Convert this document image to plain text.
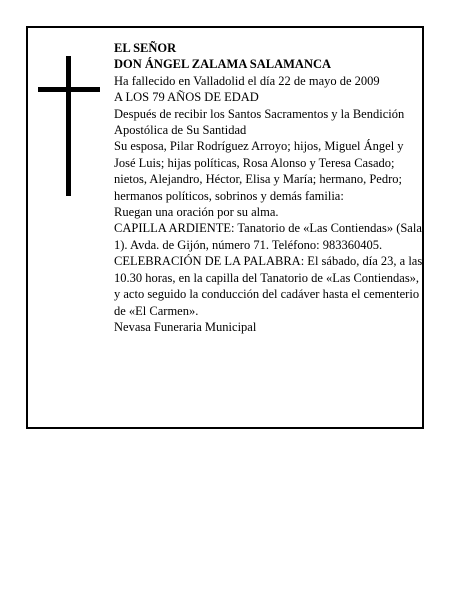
EL SEÑOR

DON ÁNGEL ZALAMA SALAMANCA

Ha fallecido en Valladolid el día 22 de mayo de 2009

A LOS 79 AÑOS DE EDAD

Después de recibir los Santos Sacramentos y la Bendición Apostólica de Su Santidad

Su esposa, Pilar Rodríguez Arroyo; hijos, Miguel Ángel y José Luis; hijas políticas, Rosa Alonso y Teresa Casado; nietos, Alejandro, Héctor, Elisa y María; hermano, Pedro; hermanos políticos, sobrinos y demás familia:

Ruegan una oración por su alma.

CAPILLA ARDIENTE: Tanatorio de «Las Contiendas» (Sala 1). Avda. de Gijón, número 71. Teléfono: 983360405.

CELEBRACIÓN DE LA PALABRA: El sábado, día 23, a las 10.30 horas, en la capilla del Tanatorio de «Las Contiendas», y acto seguido la conducción del cadáver hasta el cementerio de «El Carmen».

Nevasa Funeraria Municipal
